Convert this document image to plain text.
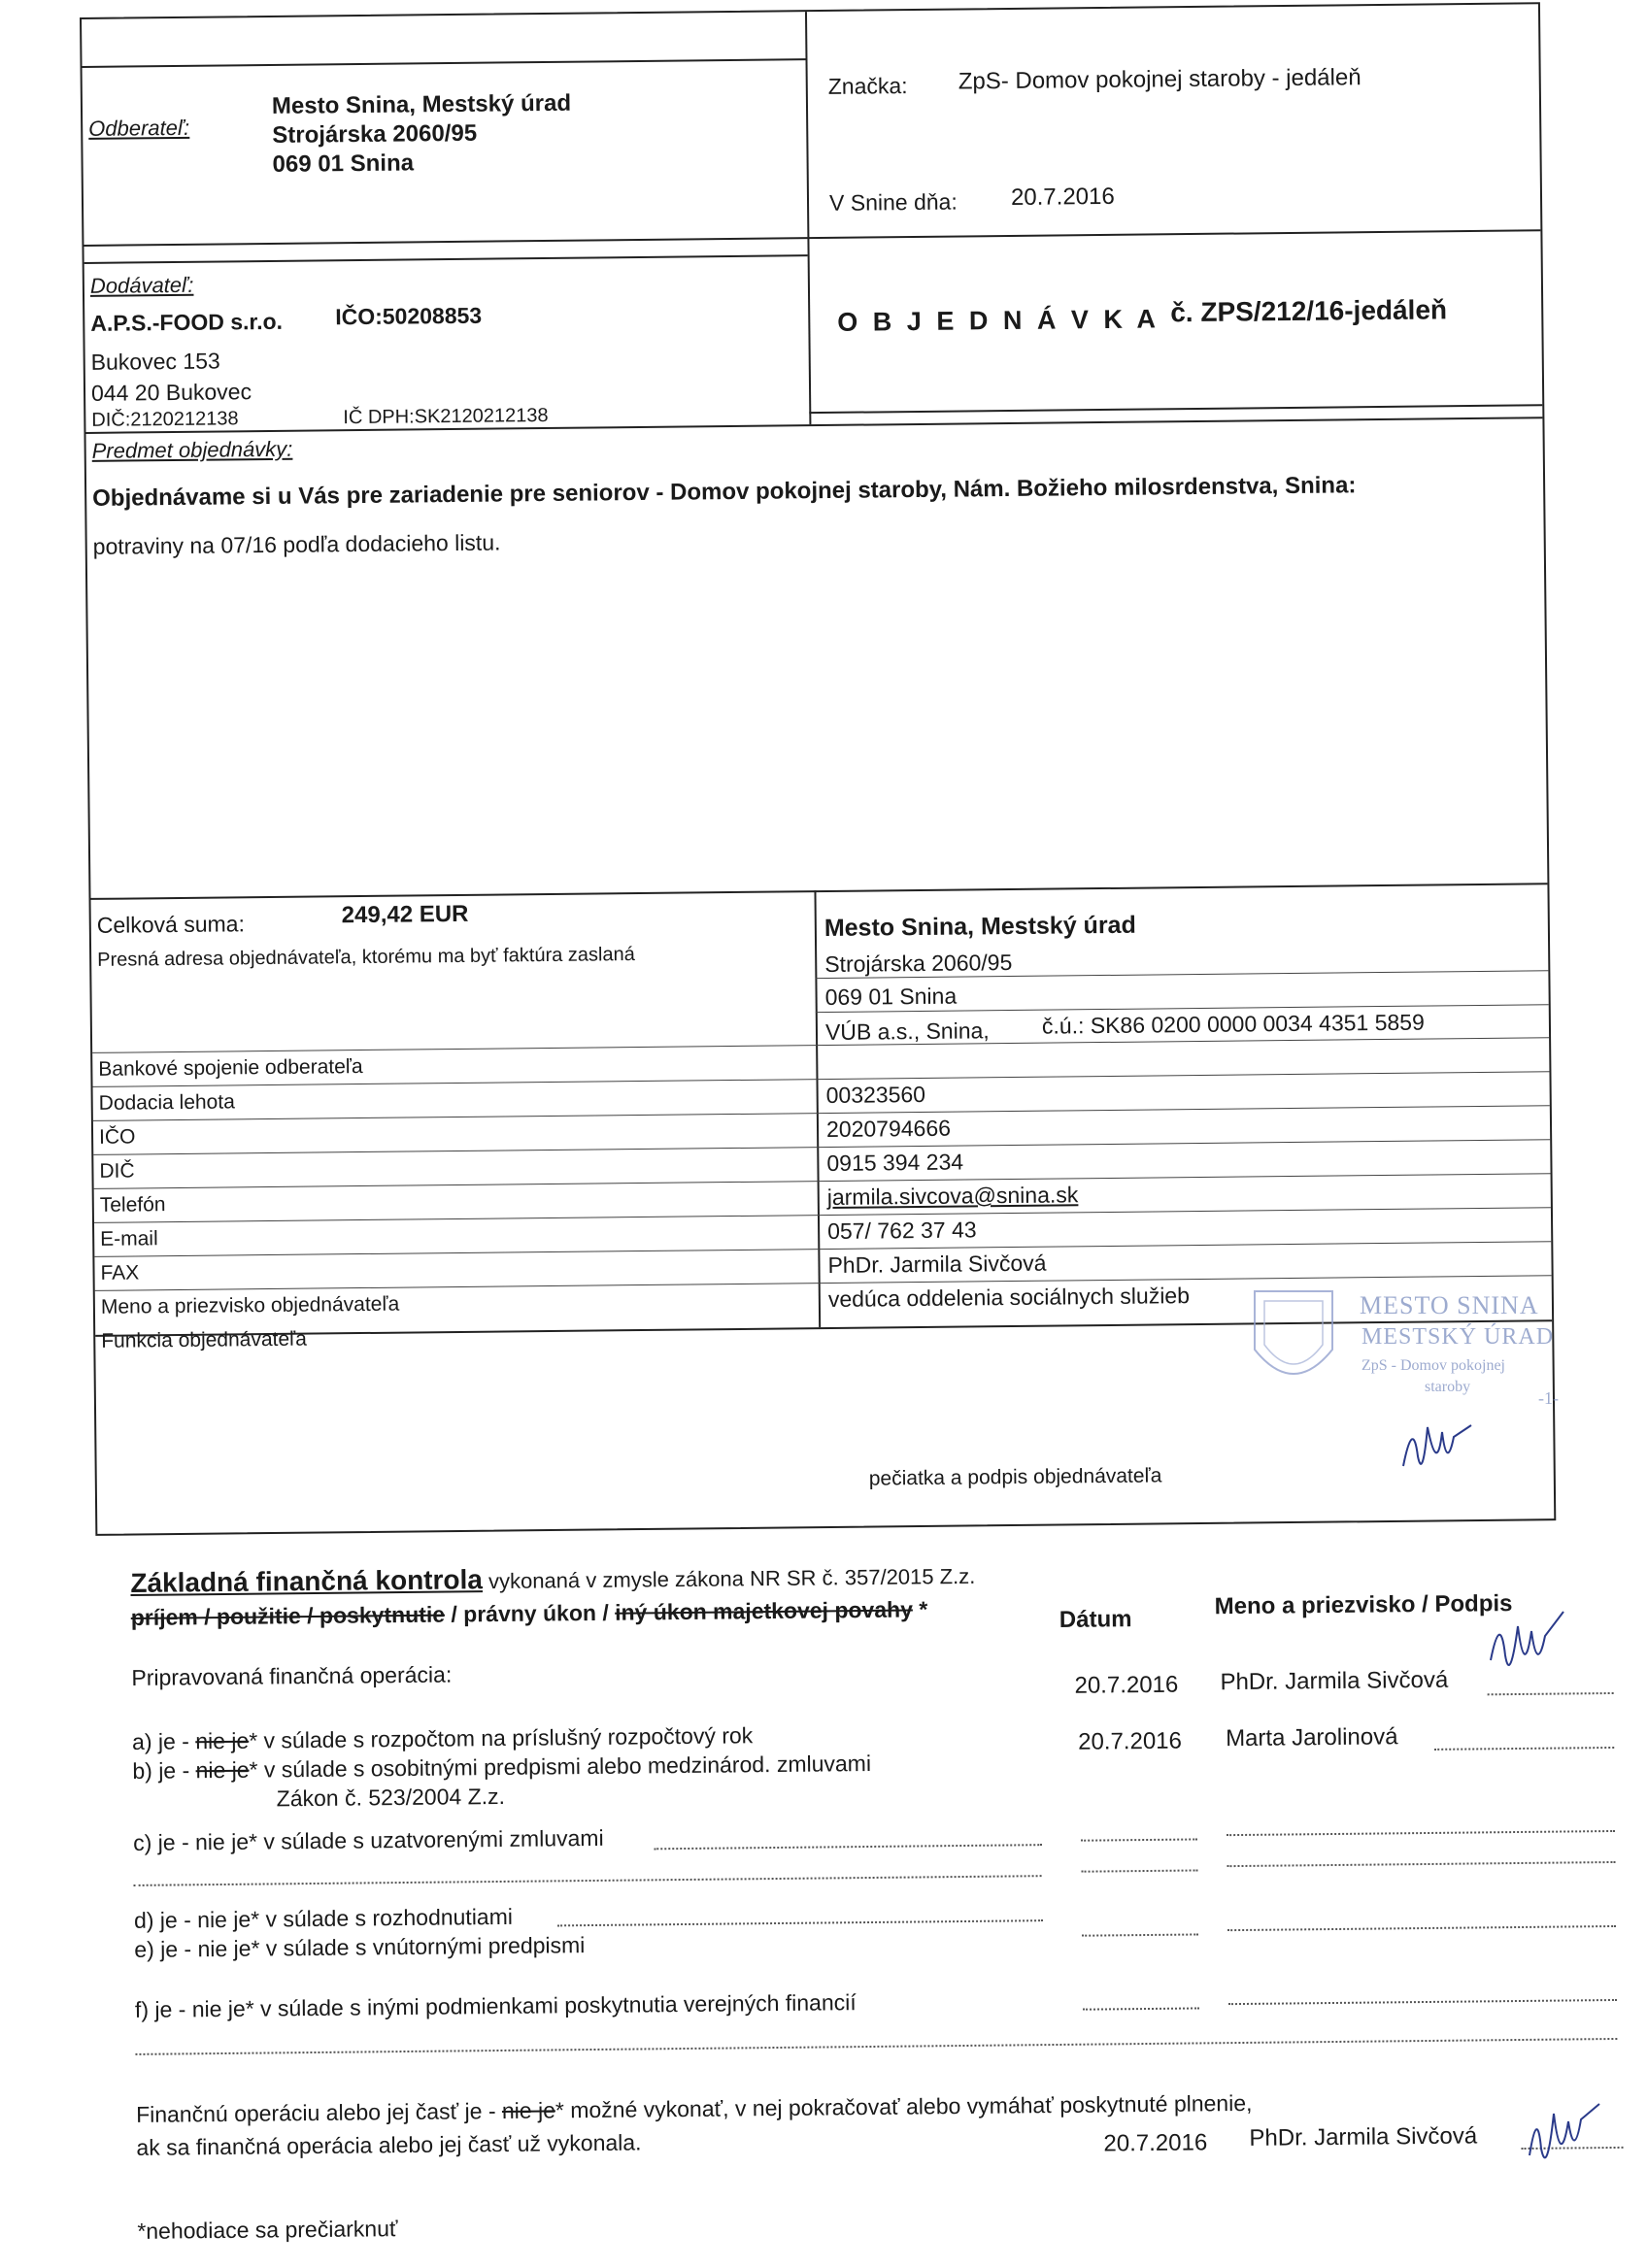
Odberateľ:
Mesto Snina, Mestský úrad
Strojárska 2060/95
069 01 Snina
Značka: ZpS- Domov pokojnej staroby - jedáleň
V Snine dňa: 20.7.2016
Dodávateľ:
A.P.S.-FOOD s.r.o. IČO:50208853
Bukovec 153
044 20 Bukovec
DIČ:2120212138	IČ DPH:SK2120212138
O B J E D N Á V K A č. ZPS/212/16-jedáleň
Predmet objednávky:
Objednávame si u Vás pre zariadenie pre seniorov - Domov pokojnej staroby, Nám. Božieho milosrdenstva, Snina:
potraviny na 07/16 podľa dodacieho listu.
Celková suma:	249,42 EUR
Presná adresa objednávateľa, ktorému ma byť faktúra zaslaná
Mesto Snina, Mestský úrad
Strojárska 2060/95
069 01 Snina
VÚB a.s., Snina, č.ú.: SK86 0200 0000 0034 4351 5859
Bankové spojenie odberateľa
Dodacia lehota	00323560
IČO	2020794666
DIČ	0915 394 234
Telefón	jarmila.sivcova@snina.sk
E-mail	057/ 762 37 43
FAX	PhDr. Jarmila Sivčová
Meno a priezvisko objednávateľa	vedúca oddelenia sociálnych služieb
Funkcia objednávateľa
pečiatka a podpis objednávateľa
MESTO SNINA
MESTSKÝ ÚRAD
ZpS - Domov pokojnej
staroby
-1-
Základná finančná kontrola vykonaná v zmysle zákona NR SR č. 357/2015 Z.z.
príjem / použitie / poskytnutie / právny úkon / iný úkon majetkovej povahy *	Dátum	Meno a priezvisko / Podpis
Pripravovaná finančná operácia:
a) je - nie je* v súlade s rozpočtom na príslušný rozpočtový rok
20.7.2016 PhDr. Jarmila Sivčová
b) je - nie je* v súlade s osobitnými predpismi alebo medzinárod. zmluvami
Zákon č. 523/2004 Z.z.
20.7.2016 Marta Jarolinová
c) je - nie je* v súlade s uzatvorenými zmluvami
d) je - nie je* v súlade s rozhodnutiami
e) je - nie je* v súlade s vnútornými predpismi
f) je - nie je* v súlade s inými podmienkami poskytnutia verejných financií
Finančnú operáciu alebo jej časť je - nie je* možné vykonať, v nej pokračovať alebo vymáhať poskytnuté plnenie,
ak sa finančná operácia alebo jej časť už vykonala.	20.7.2016 PhDr. Jarmila Sivčová
*nehodiace sa prečiarknuť
